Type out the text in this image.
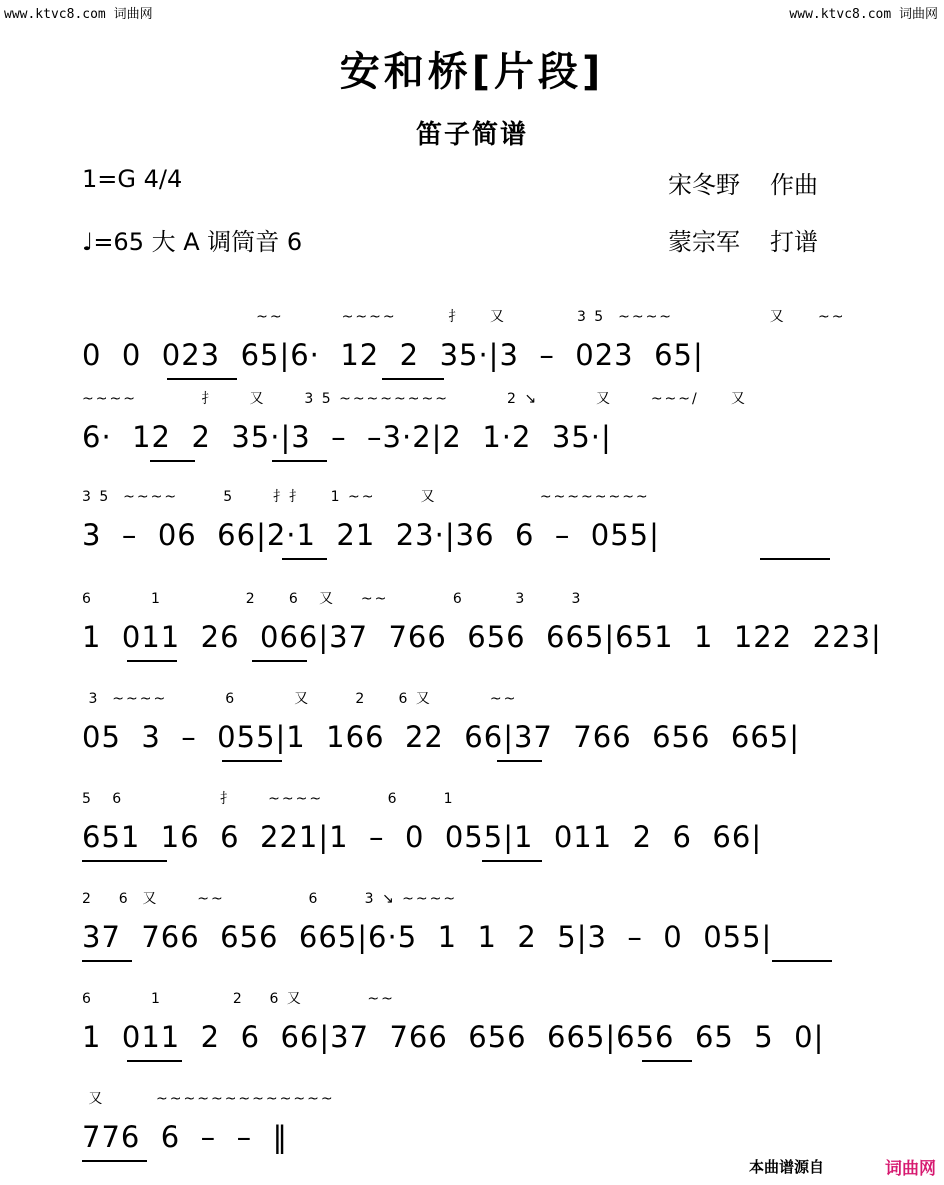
www.ktvc8.com 词曲网	www.ktvc8.com 词曲网
安和桥[片段]
笛子简谱
1=G 4/4
♩=65 大 A 调筒音 6
宋冬野 作曲
蒙宗军 打谱
~~         ~~~~        扌    又           3 5  ~~~~               又     ~~
0  0  023  65|6·  12  2  35·|3  –  023  65|
~~~~          扌     又      3 5 ~~~~~~~~         2 ↘         又      ~~~/     又
6·  12  2  35·|3  –  –3·2|2  1·2  35·|
3 5  ~~~~       5      扌扌    1 ~~       又                ~~~~~~~~
3  –  06  66|2·1  21  23·|36  6  –  055|
6         1             2     6   又    ~~          6        3       3
1  011  26  066|37  766  656  665|651  1  122  223|
3  ~~~~         6         又       2     6 又         ~~
05  3  –  055|1  166  22  66|37  766  656  665|
5   6               扌     ~~~~          6       1
651  16  6  221|1  –  0  055|1  011  2  6  66|
2    6  又      ~~             6       3 ↘ ~~~~
37  766  656  665|6·5  1  1  2  5|3  –  0  055|
6         1           2    6 又          ~~
1  011  2  6  66|37  766  656  665|656  65  5  0|
又        ~~~~~~~~~~~~~
776  6  –  –  ‖
本曲谱源自	词曲网
